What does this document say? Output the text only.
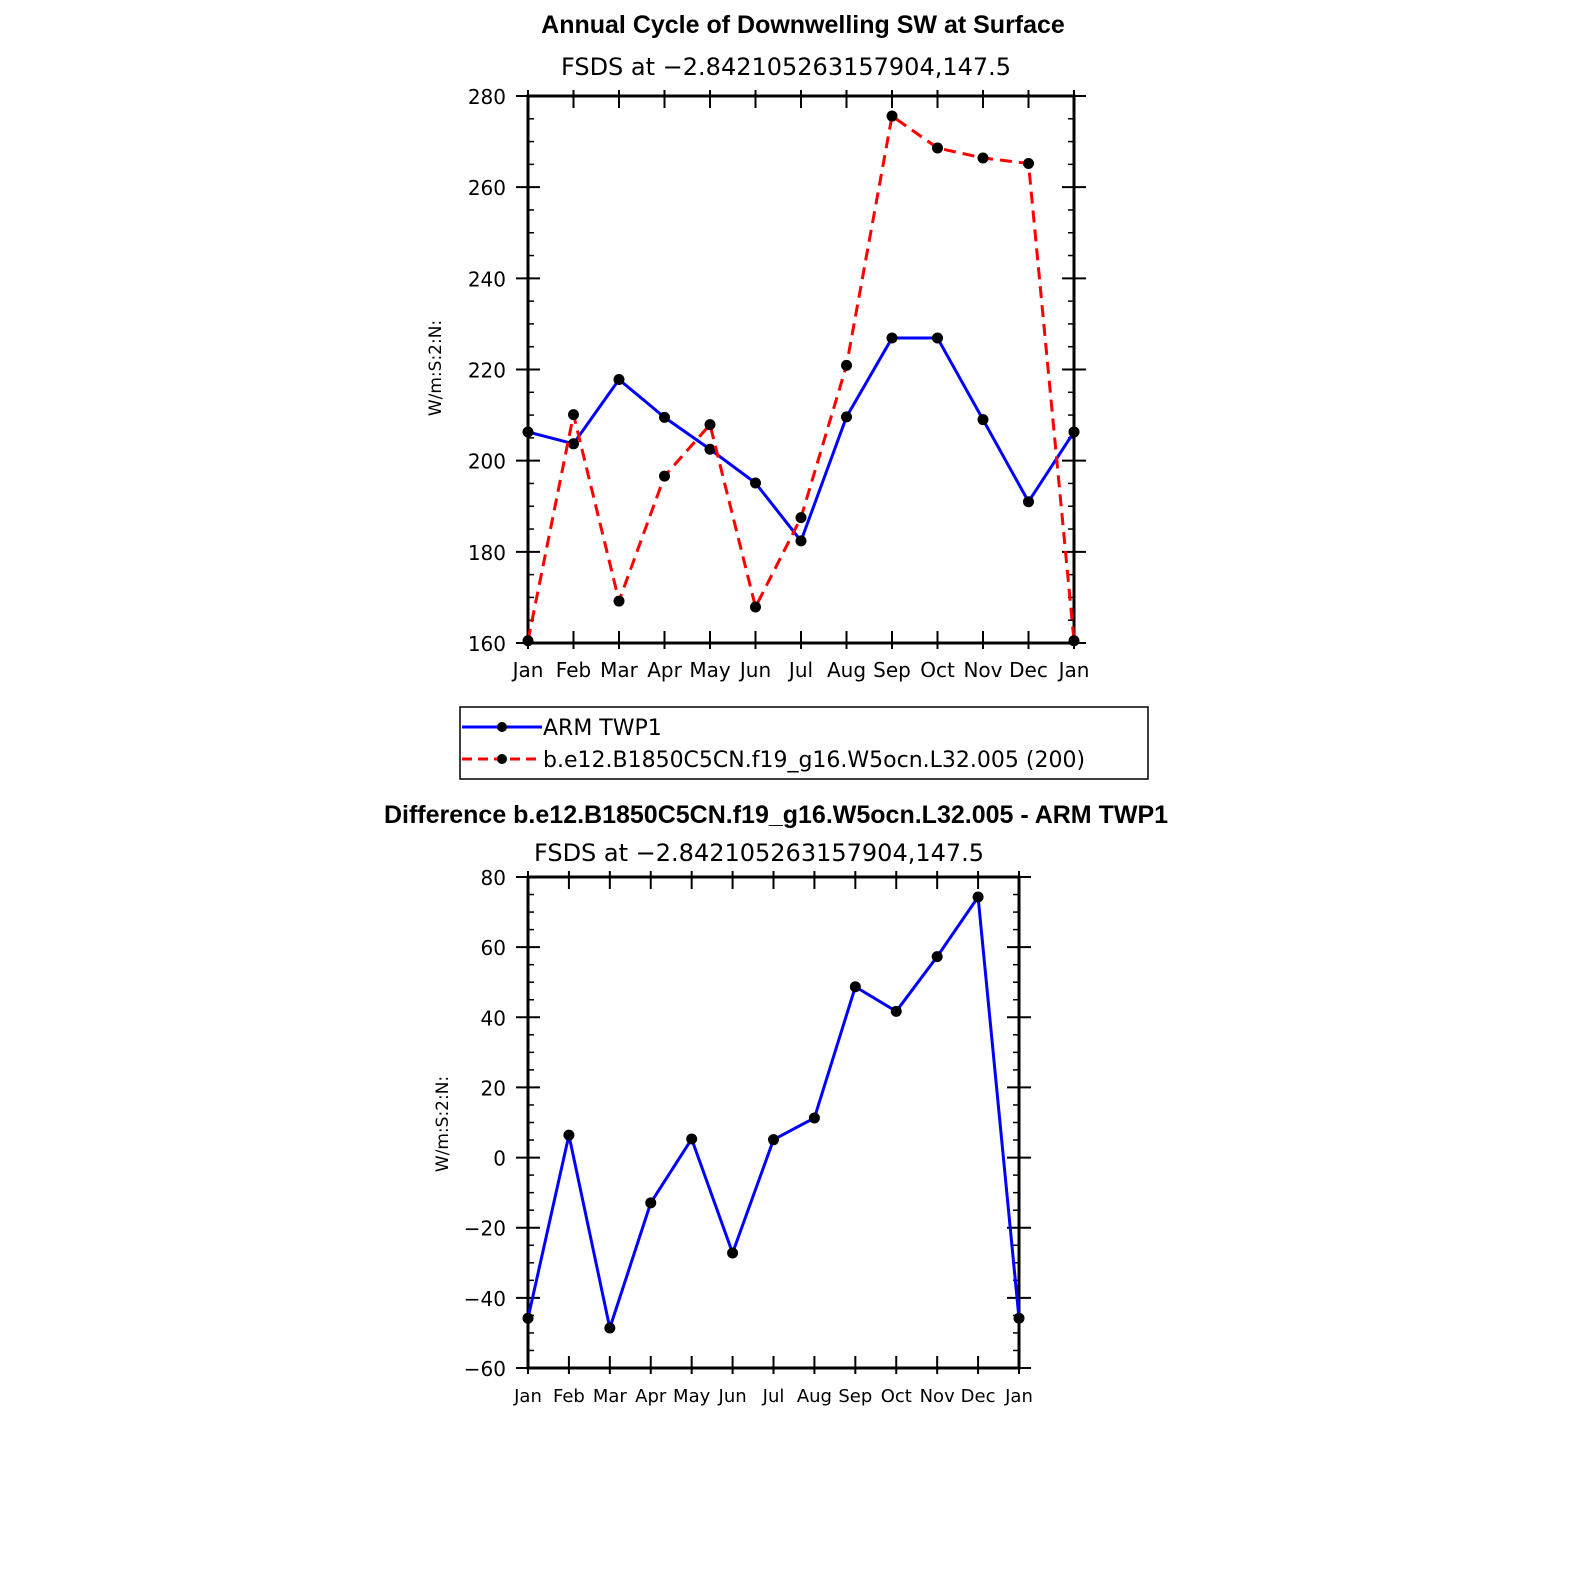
Annual Cycle of Downwelling SW at Surface
FSDS at −2.842105263157904,147.5
W/m:S:2:N:
160
180
200
220
240
260
280
Jan Feb Mar Apr May Jun Jul Aug Sep Oct Nov Dec Jan
ARM TWP1
b.e12.B1850C5CN.f19_g16.W5ocn.L32.005 (200)
Difference b.e12.B1850C5CN.f19_g16.W5ocn.L32.005 - ARM TWP1
FSDS at −2.842105263157904,147.5
W/m:S:2:N:
−60
−40
−20
0
20
40
60
80
Jan Feb Mar Apr May Jun Jul Aug Sep Oct Nov Dec Jan
